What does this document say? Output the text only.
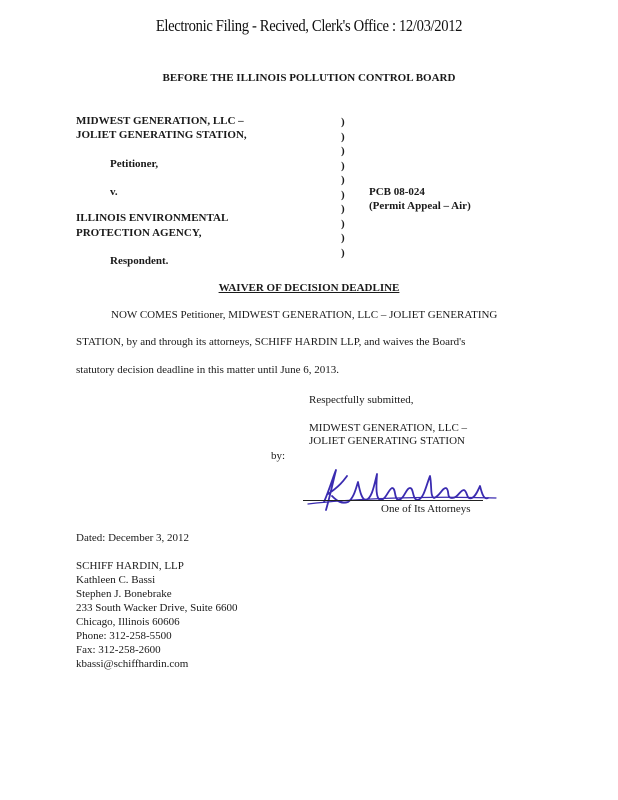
Electronic Filing - Recived, Clerk's Office : 12/03/2012
BEFORE THE ILLINOIS POLLUTION CONTROL BOARD
MIDWEST GENERATION, LLC –
JOLIET GENERATING STATION,
Petitioner,
v.
ILLINOIS ENVIRONMENTAL
PROTECTION AGENCY,
Respondent.
)
)
)
)
)
)
)
)
)
)
PCB 08-024
(Permit Appeal – Air)
WAIVER OF DECISION DEADLINE
NOW COMES Petitioner, MIDWEST GENERATION, LLC – JOLIET GENERATING
STATION, by and through its attorneys, SCHIFF HARDIN LLP, and waives the Board's
statutory decision deadline in this matter until June 6, 2013.
Respectfully submitted,
MIDWEST GENERATION, LLC –
JOLIET GENERATING STATION
by:
One of Its Attorneys
Dated: December 3, 2012
SCHIFF HARDIN, LLP
Kathleen C. Bassi
Stephen J. Bonebrake
233 South Wacker Drive, Suite 6600
Chicago, Illinois 60606
Phone: 312-258-5500
Fax: 312-258-2600
kbassi@schiffhardin.com
